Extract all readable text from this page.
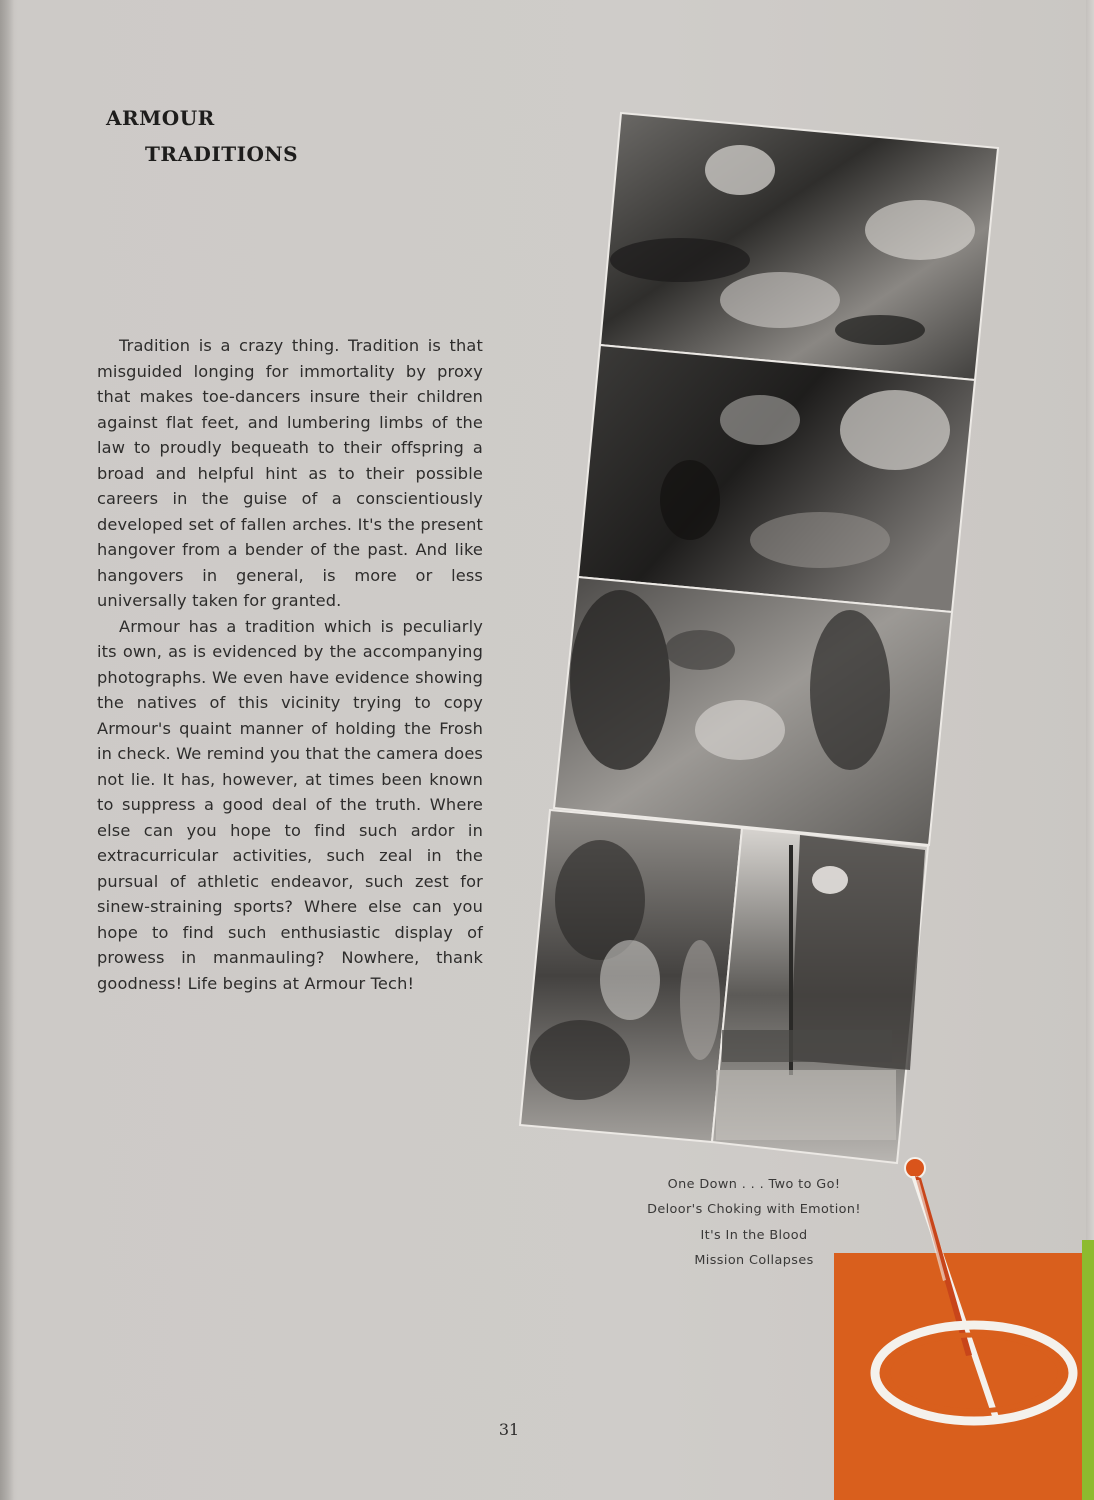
ARMOUR
TRADITIONS

Tradition is a crazy thing. Tradition is that misguided longing for immortality by proxy that makes toe-dancers insure their children against flat feet, and lumbering limbs of the law to proudly bequeath to their offspring a broad and helpful hint as to their possible careers in the guise of a conscientiously developed set of fallen arches. It's the present hangover from a bender of the past. And like hangovers in general, is more or less universally taken for granted.

Armour has a tradition which is peculiarly its own, as is evidenced by the accompanying photographs. We even have evidence showing the natives of this vicinity trying to copy Armour's quaint manner of holding the Frosh in check. We remind you that the camera does not lie. It has, however, at times been known to suppress a good deal of the truth. Where else can you hope to find such ardor in extracurricular activities, such zeal in the pursual of athletic endeavor, such zest for sinew-straining sports? Where else can you hope to find such enthusiastic display of prowess in manmauling? Nowhere, thank goodness! Life begins at Armour Tech!

One Down . . . Two to Go!
Deloor's Choking with Emotion!
It's In the Blood
Mission Collapses
31
